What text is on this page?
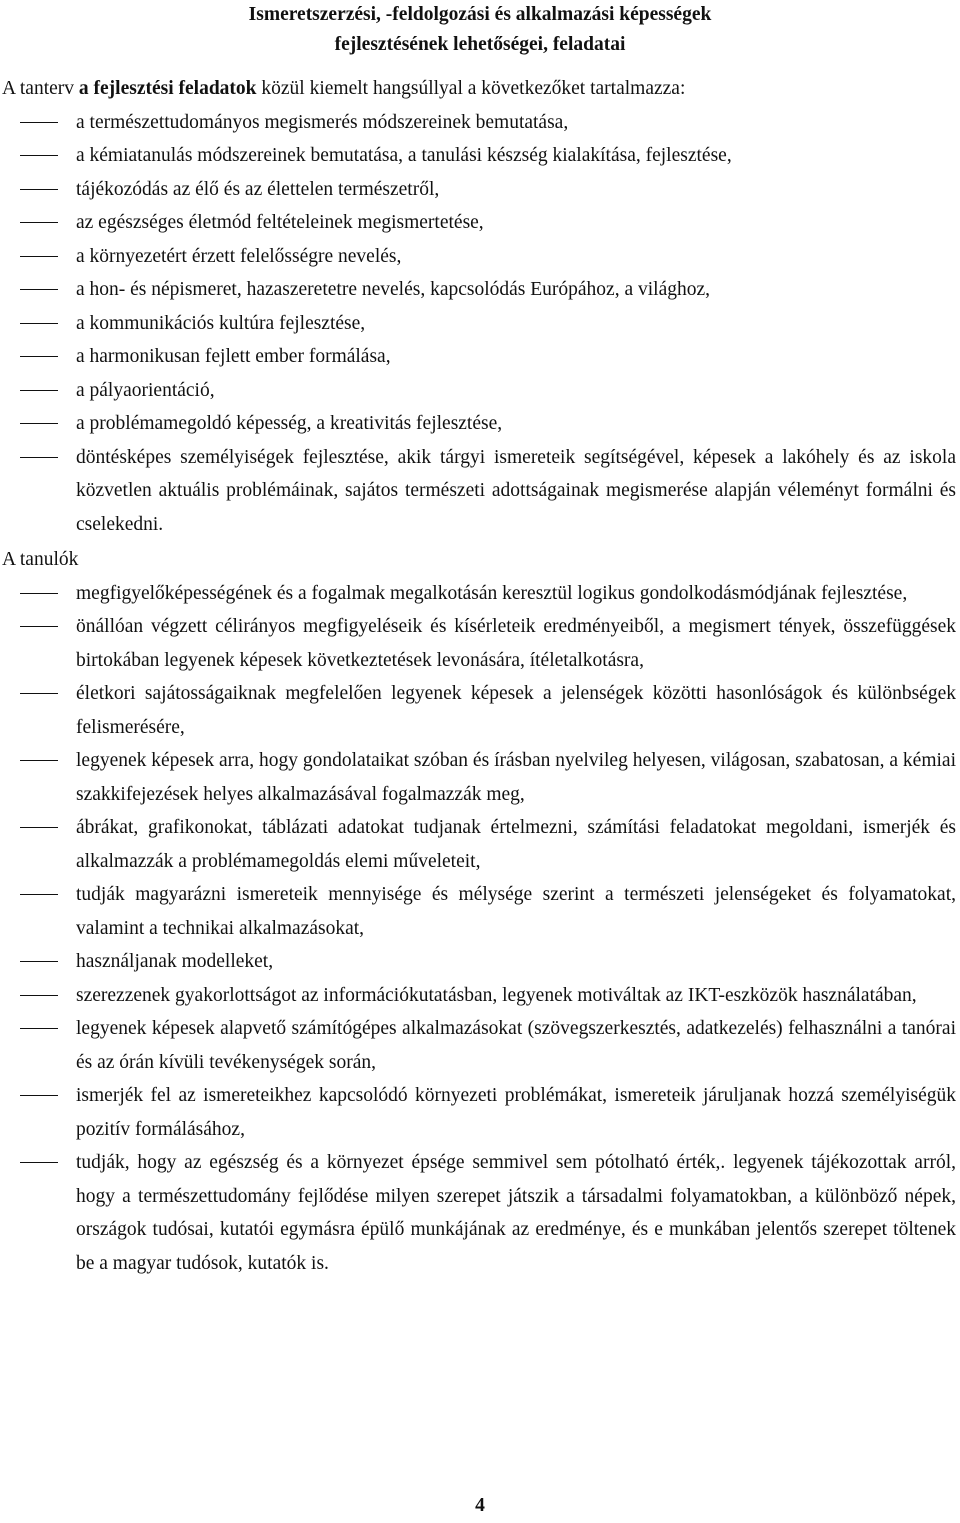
Ismeretszerzési, -feldolgozási és alkalmazási képességek
fejlesztésének lehetőségei, feladatai
A tanterv a fejlesztési feladatok közül kiemelt hangsúllyal a következőket tartalmazza:
a természettudományos megismerés módszereinek bemutatása,
a kémiatanulás módszereinek bemutatása, a tanulási készség kialakítása, fejlesztése,
tájékozódás az élő és az élettelen természetről,
az egészséges életmód feltételeinek megismertetése,
a környezetért érzett felelősségre nevelés,
a hon- és népismeret, hazaszeretetre nevelés, kapcsolódás Európához, a világhoz,
a kommunikációs kultúra fejlesztése,
a harmonikusan fejlett ember formálása,
a pályaorientáció,
a problémamegoldó képesség, a kreativitás fejlesztése,
döntésképes személyiségek fejlesztése, akik tárgyi ismereteik segítségével, képesek a lakóhely és az iskola közvetlen aktuális problémáinak, sajátos természeti adottságainak megismerése alapján véleményt formálni és cselekedni.
A tanulók
megfigyelőképességének és a fogalmak megalkotásán keresztül logikus gondolkodásmódjának fejlesztése,
önállóan végzett célirányos megfigyeléseik és kísérleteik eredményeiből, a megismert tények, összefüggések birtokában legyenek képesek következtetések levonására, ítéletalkotásra,
életkori sajátosságaiknak megfelelően legyenek képesek a jelenségek közötti hasonlóságok és különbségek felismerésére,
legyenek képesek arra, hogy gondolataikat szóban és írásban nyelvileg helyesen, világosan, szabatosan, a kémiai szakkifejezések helyes alkalmazásával fogalmazzák meg,
ábrákat, grafikonokat, táblázati adatokat tudjanak értelmezni, számítási feladatokat megoldani, ismerjék és alkalmazzák a problémamegoldás elemi műveleteit,
tudják magyarázni ismereteik mennyisége és mélysége szerint a természeti jelenségeket és folyamatokat, valamint a technikai alkalmazásokat,
használjanak modelleket,
szerezzenek gyakorlottságot az információkutatásban, legyenek motiváltak az IKT-eszközök használatában,
legyenek képesek alapvető számítógépes alkalmazásokat (szövegszerkesztés, adatkezelés) felhasználni a tanórai és az órán kívüli tevékenységek során,
ismerjék fel az ismereteikhez kapcsolódó környezeti problémákat, ismereteik járuljanak hozzá személyiségük pozitív formálásához,
tudják, hogy az egészség és a környezet épsége semmivel sem pótolható érték,. legyenek tájékozottak arról, hogy a természettudomány fejlődése milyen szerepet játszik a társadalmi folyamatokban, a különböző népek, országok tudósai, kutatói egymásra épülő munkájának az eredménye, és e munkában jelentős szerepet töltenek be a magyar tudósok, kutatók is.
4
